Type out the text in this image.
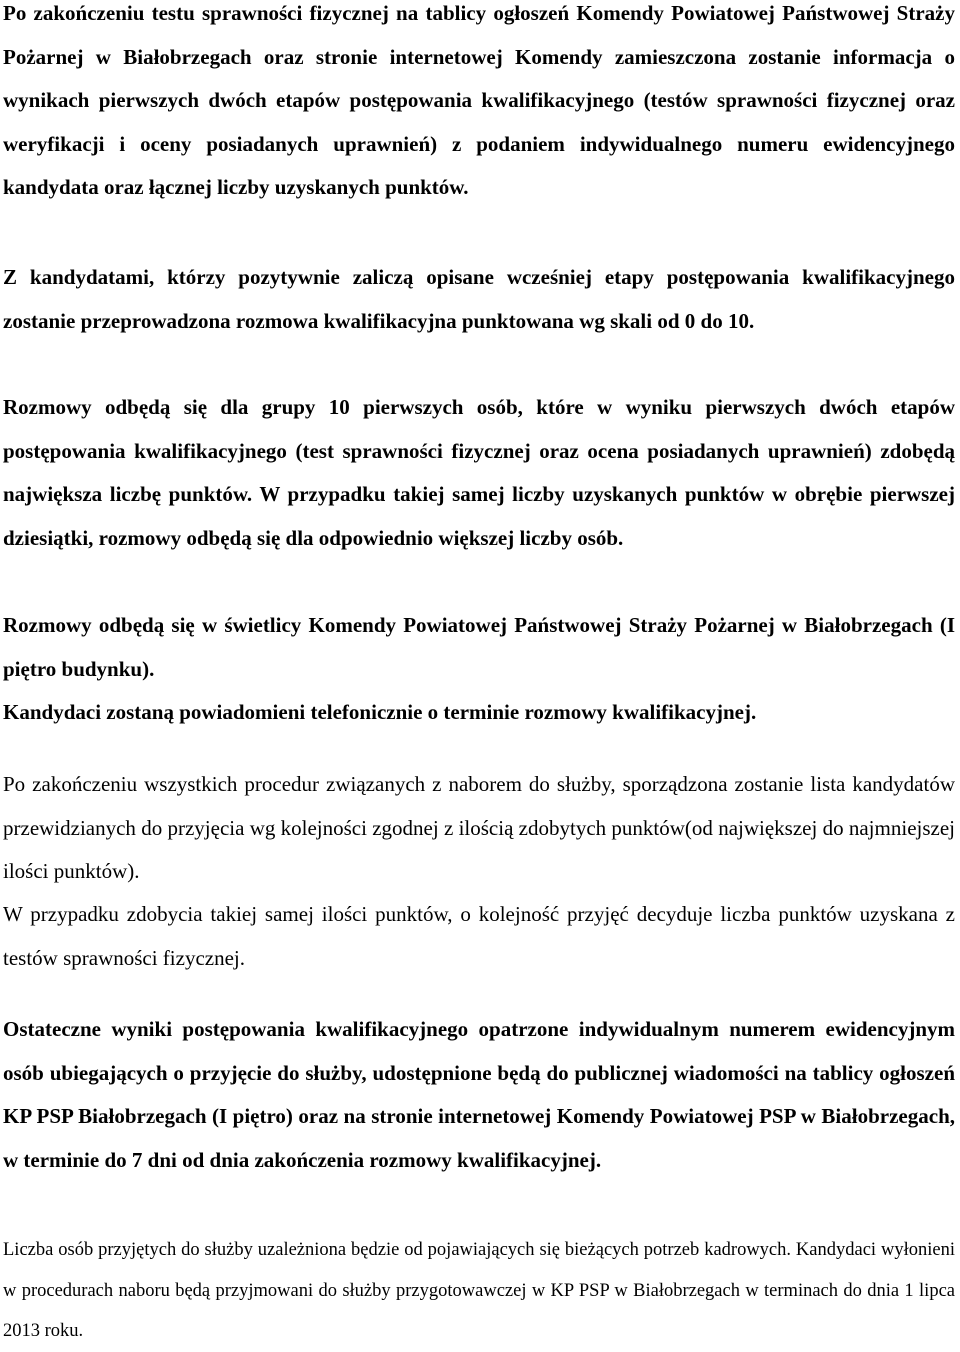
Po zakończeniu testu sprawności fizycznej na tablicy ogłoszeń Komendy Powiatowej Państwowej Straży Pożarnej w Białobrzegach oraz stronie internetowej Komendy zamieszczona zostanie informacja o wynikach pierwszych dwóch etapów postępowania kwalifikacyjnego (testów sprawności fizycznej oraz weryfikacji i oceny posiadanych uprawnień) z podaniem indywidualnego numeru ewidencyjnego kandydata oraz łącznej liczby uzyskanych punktów.

Z kandydatami, którzy pozytywnie zaliczą opisane wcześniej etapy postępowania kwalifikacyjnego zostanie przeprowadzona rozmowa kwalifikacyjna punktowana wg skali od 0 do 10.

Rozmowy odbędą się dla grupy 10 pierwszych osób, które w wyniku pierwszych dwóch etapów postępowania kwalifikacyjnego (test sprawności fizycznej oraz ocena posiadanych uprawnień) zdobędą największa liczbę punktów. W przypadku takiej samej liczby uzyskanych punktów w obrębie pierwszej dziesiątki, rozmowy odbędą się dla odpowiednio większej liczby osób.

Rozmowy odbędą się w świetlicy Komendy Powiatowej Państwowej Straży Pożarnej w Białobrzegach (I piętro budynku).

Kandydaci zostaną powiadomieni telefonicznie o terminie rozmowy kwalifikacyjnej.

Po zakończeniu wszystkich procedur związanych z naborem do służby, sporządzona zostanie lista kandydatów przewidzianych do przyjęcia wg kolejności zgodnej z ilością zdobytych punktów(od największej do najmniejszej ilości punktów).

W przypadku zdobycia takiej samej ilości punktów, o kolejność przyjęć decyduje liczba punktów uzyskana z testów sprawności fizycznej.

Ostateczne wyniki postępowania kwalifikacyjnego opatrzone indywidualnym numerem ewidencyjnym osób ubiegających o przyjęcie do służby, udostępnione będą do publicznej wiadomości na tablicy ogłoszeń KP PSP Białobrzegach (I piętro) oraz na stronie internetowej Komendy Powiatowej PSP w Białobrzegach, w terminie do 7 dni od dnia zakończenia rozmowy kwalifikacyjnej.

Liczba osób przyjętych do służby uzależniona będzie od pojawiających się bieżących potrzeb kadrowych. Kandydaci wyłonieni w procedurach naboru będą przyjmowani do służby przygotowawczej w KP PSP w Białobrzegach w terminach do dnia 1 lipca 2013 roku.
